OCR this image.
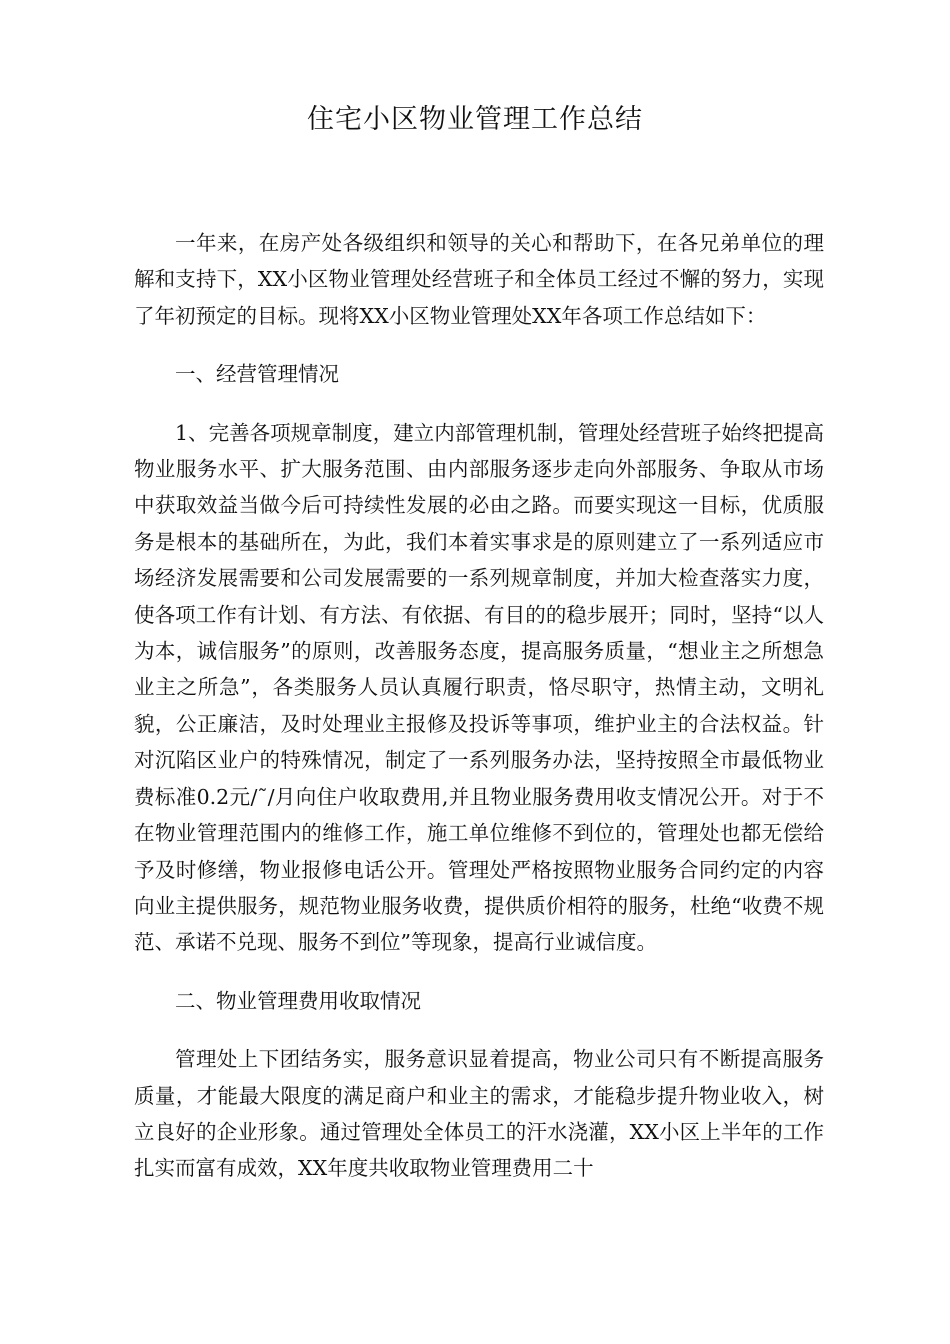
住宅小区物业管理工作总结

一年来，在房产处各级组织和领导的关心和帮助下，在各兄弟单位的理解和支持下，XX小区物业管理处经营班子和全体员工经过不懈的努力，实现了年初预定的目标。现将XX小区物业管理处XX年各项工作总结如下：

一、经营管理情况

1、完善各项规章制度，建立内部管理机制，管理处经营班子始终把提高物业服务水平、扩大服务范围、由内部服务逐步走向外部服务、争取从市场中获取效益当做今后可持续性发展的必由之路。而要实现这一目标，优质服务是根本的基础所在，为此，我们本着实事求是的原则建立了一系列适应市场经济发展需要和公司发展需要的一系列规章制度，并加大检查落实力度，使各项工作有计划、有方法、有依据、有目的的稳步展开；同时，坚持“以人为本，诚信服务”的原则，改善服务态度，提高服务质量，“想业主之所想急业主之所急”，各类服务人员认真履行职责，恪尽职守，热情主动，文明礼貌，公正廉洁，及时处理业主报修及投诉等事项，维护业主的合法权益。针对沉陷区业户的特殊情况，制定了一系列服务办法，坚持按照全市最低物业费标准0.2元/˜/月向住户收取费用,并且物业服务费用收支情况公开。对于不在物业管理范围内的维修工作，施工单位维修不到位的，管理处也都无偿给予及时修缮，物业报修电话公开。管理处严格按照物业服务合同约定的内容向业主提供服务，规范物业服务收费，提供质价相符的服务，杜绝“收费不规范、承诺不兑现、服务不到位”等现象，提高行业诚信度。

二、物业管理费用收取情况

管理处上下团结务实，服务意识显着提高，物业公司只有不断提高服务质量，才能最大限度的满足商户和业主的需求，才能稳步提升物业收入，树立良好的企业形象。通过管理处全体员工的汗水浇灌，XX小区上半年的工作扎实而富有成效，XX年度共收取物业管理费用二十
